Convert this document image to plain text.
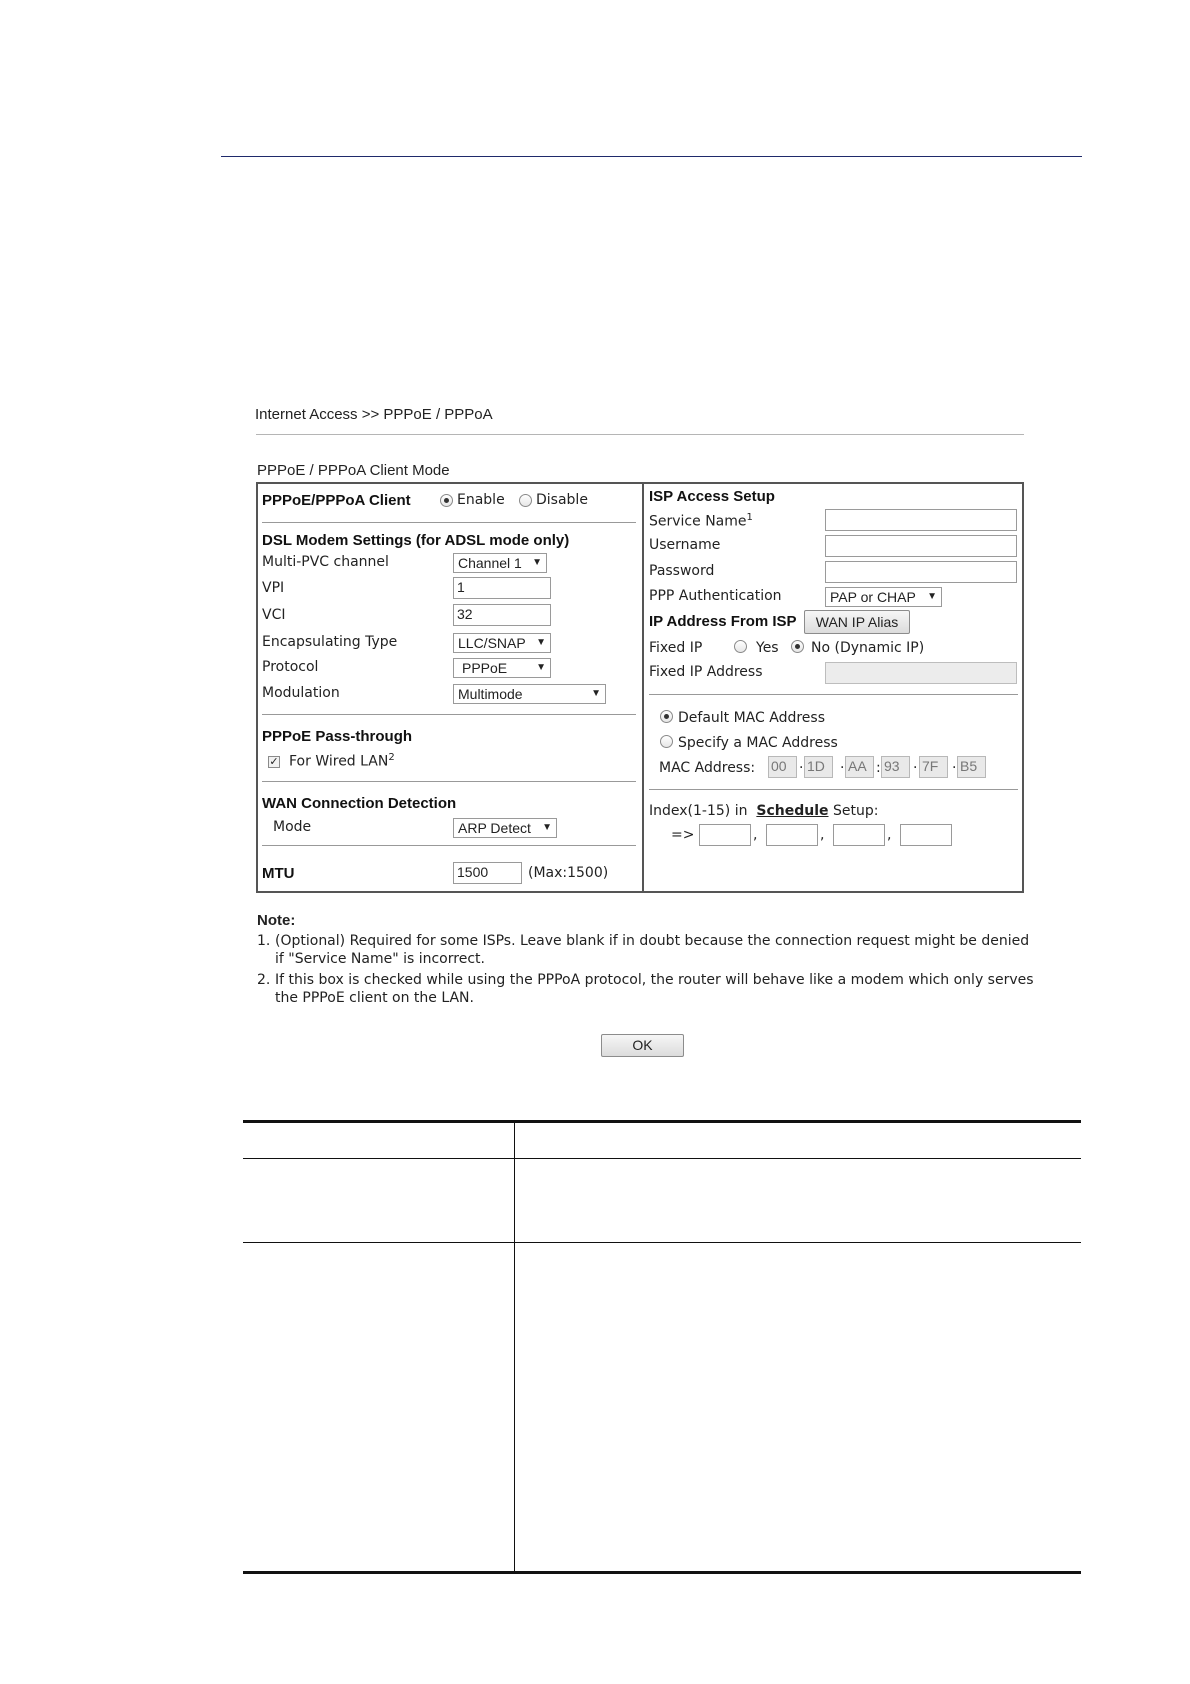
Internet Access >> PPPoE / PPPoA
PPPoE / PPPoA Client Mode
PPPoE/PPPoA Client	Enable Disable
DSL Modem Settings (for ADSL mode only)
Multi-PVC channel	Channel 1 ▼
VPI	1
VCI	32
Encapsulating Type	LLC/SNAP ▼
Protocol	PPPoE	▼
Modulation	Multimode	▼
PPPoE Pass-through
✓ For Wired LAN$^2$
WAN Connection Detection
Mode	ARP Detect ▼
MTU	1500	(Max:1500)
ISP Access Setup
Service Name$^1$
Username
Password
PPP Authentication	PAP or CHAP ▼
IP Address From ISP	WAN IP Alias
Fixed IP	Yes No (Dynamic IP)
Fixed IP Address
Default MAC Address
Specify a MAC Address
MAC Address: 00 · 1D	· AA : 93 · 7F · B5
Index(1-15) in Schedule Setup:
=>	,	,	,
Note:
1. (Optional) Required for some ISPs. Leave blank if in doubt because the connection request might be denied if "Service Name" is incorrect.
2. If this box is checked while using the PPPoA protocol, the router will behave like a modem which only serves the PPPoE client on the LAN.
OK
